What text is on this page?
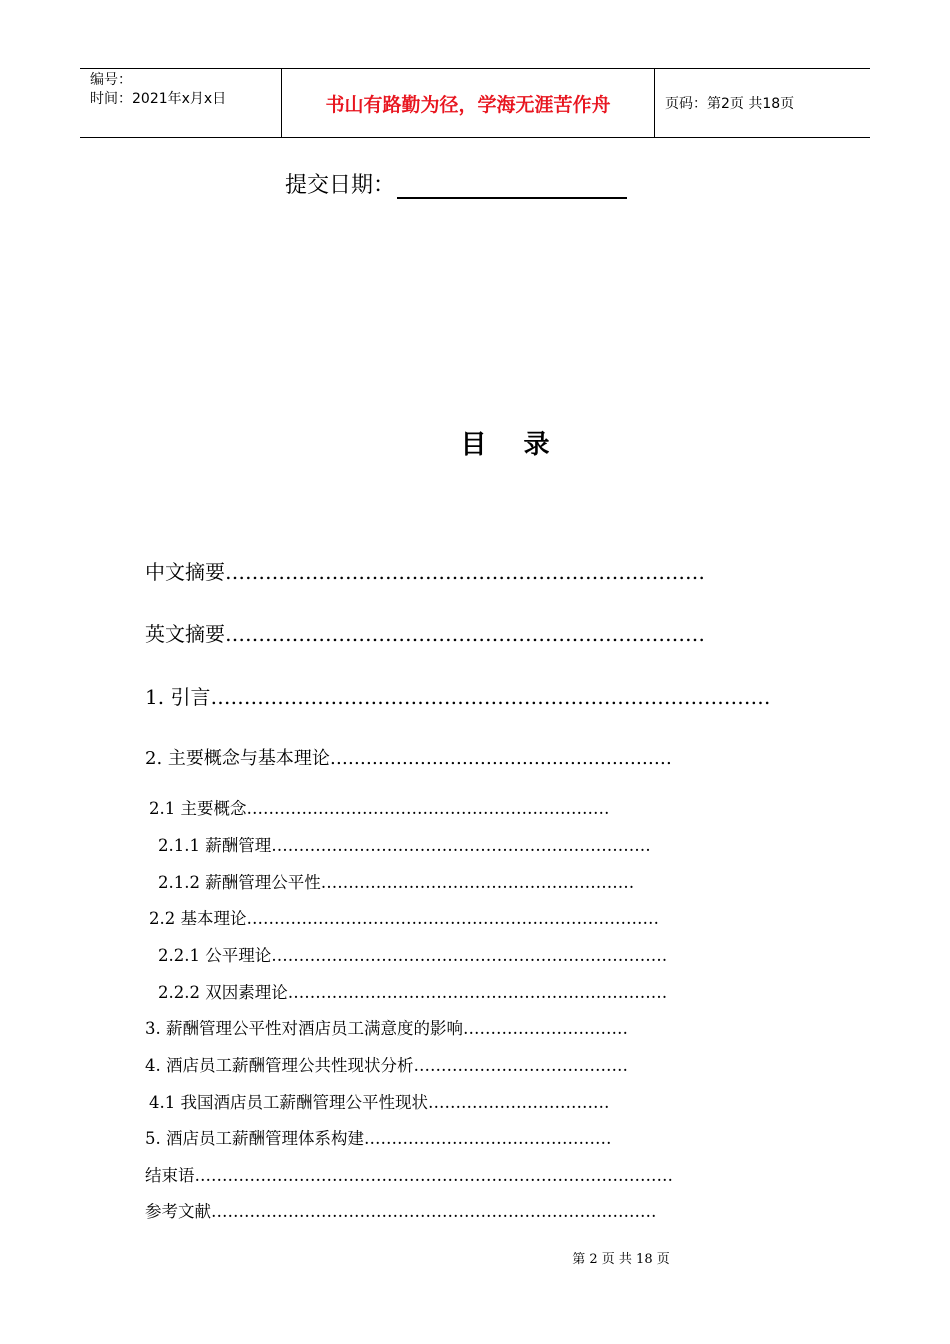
编号：
时间：2021年x月x日	书山有路勤为径，学海无涯苦作舟	页码：第2页 共18页
提交日期：
目 录
中文摘要………………………………………………………………
英文摘要………………………………………………………………
1. 引言…………………………………………………………………………
2. 主要概念与基本理论…………………………………………………
2.1 主要概念…………………………………………………………
2.1.1 薪酬管理……………………………………………………………
2.1.2 薪酬管理公平性…………………………………………………
2.2 基本理论…………………………………………………………………
2.2.1 公平理论………………………………………………………………
2.2.2 双因素理论……………………………………………………………
3. 薪酬管理公平性对酒店员工满意度的影响…………………………
4. 酒店员工薪酬管理公共性现状分析…………………………………
4.1 我国酒店员工薪酬管理公平性现状……………………………
5. 酒店员工薪酬管理体系构建………………………………………
结束语……………………………………………………………………………
参考文献………………………………………………………………………
第 2 页 共 18 页
